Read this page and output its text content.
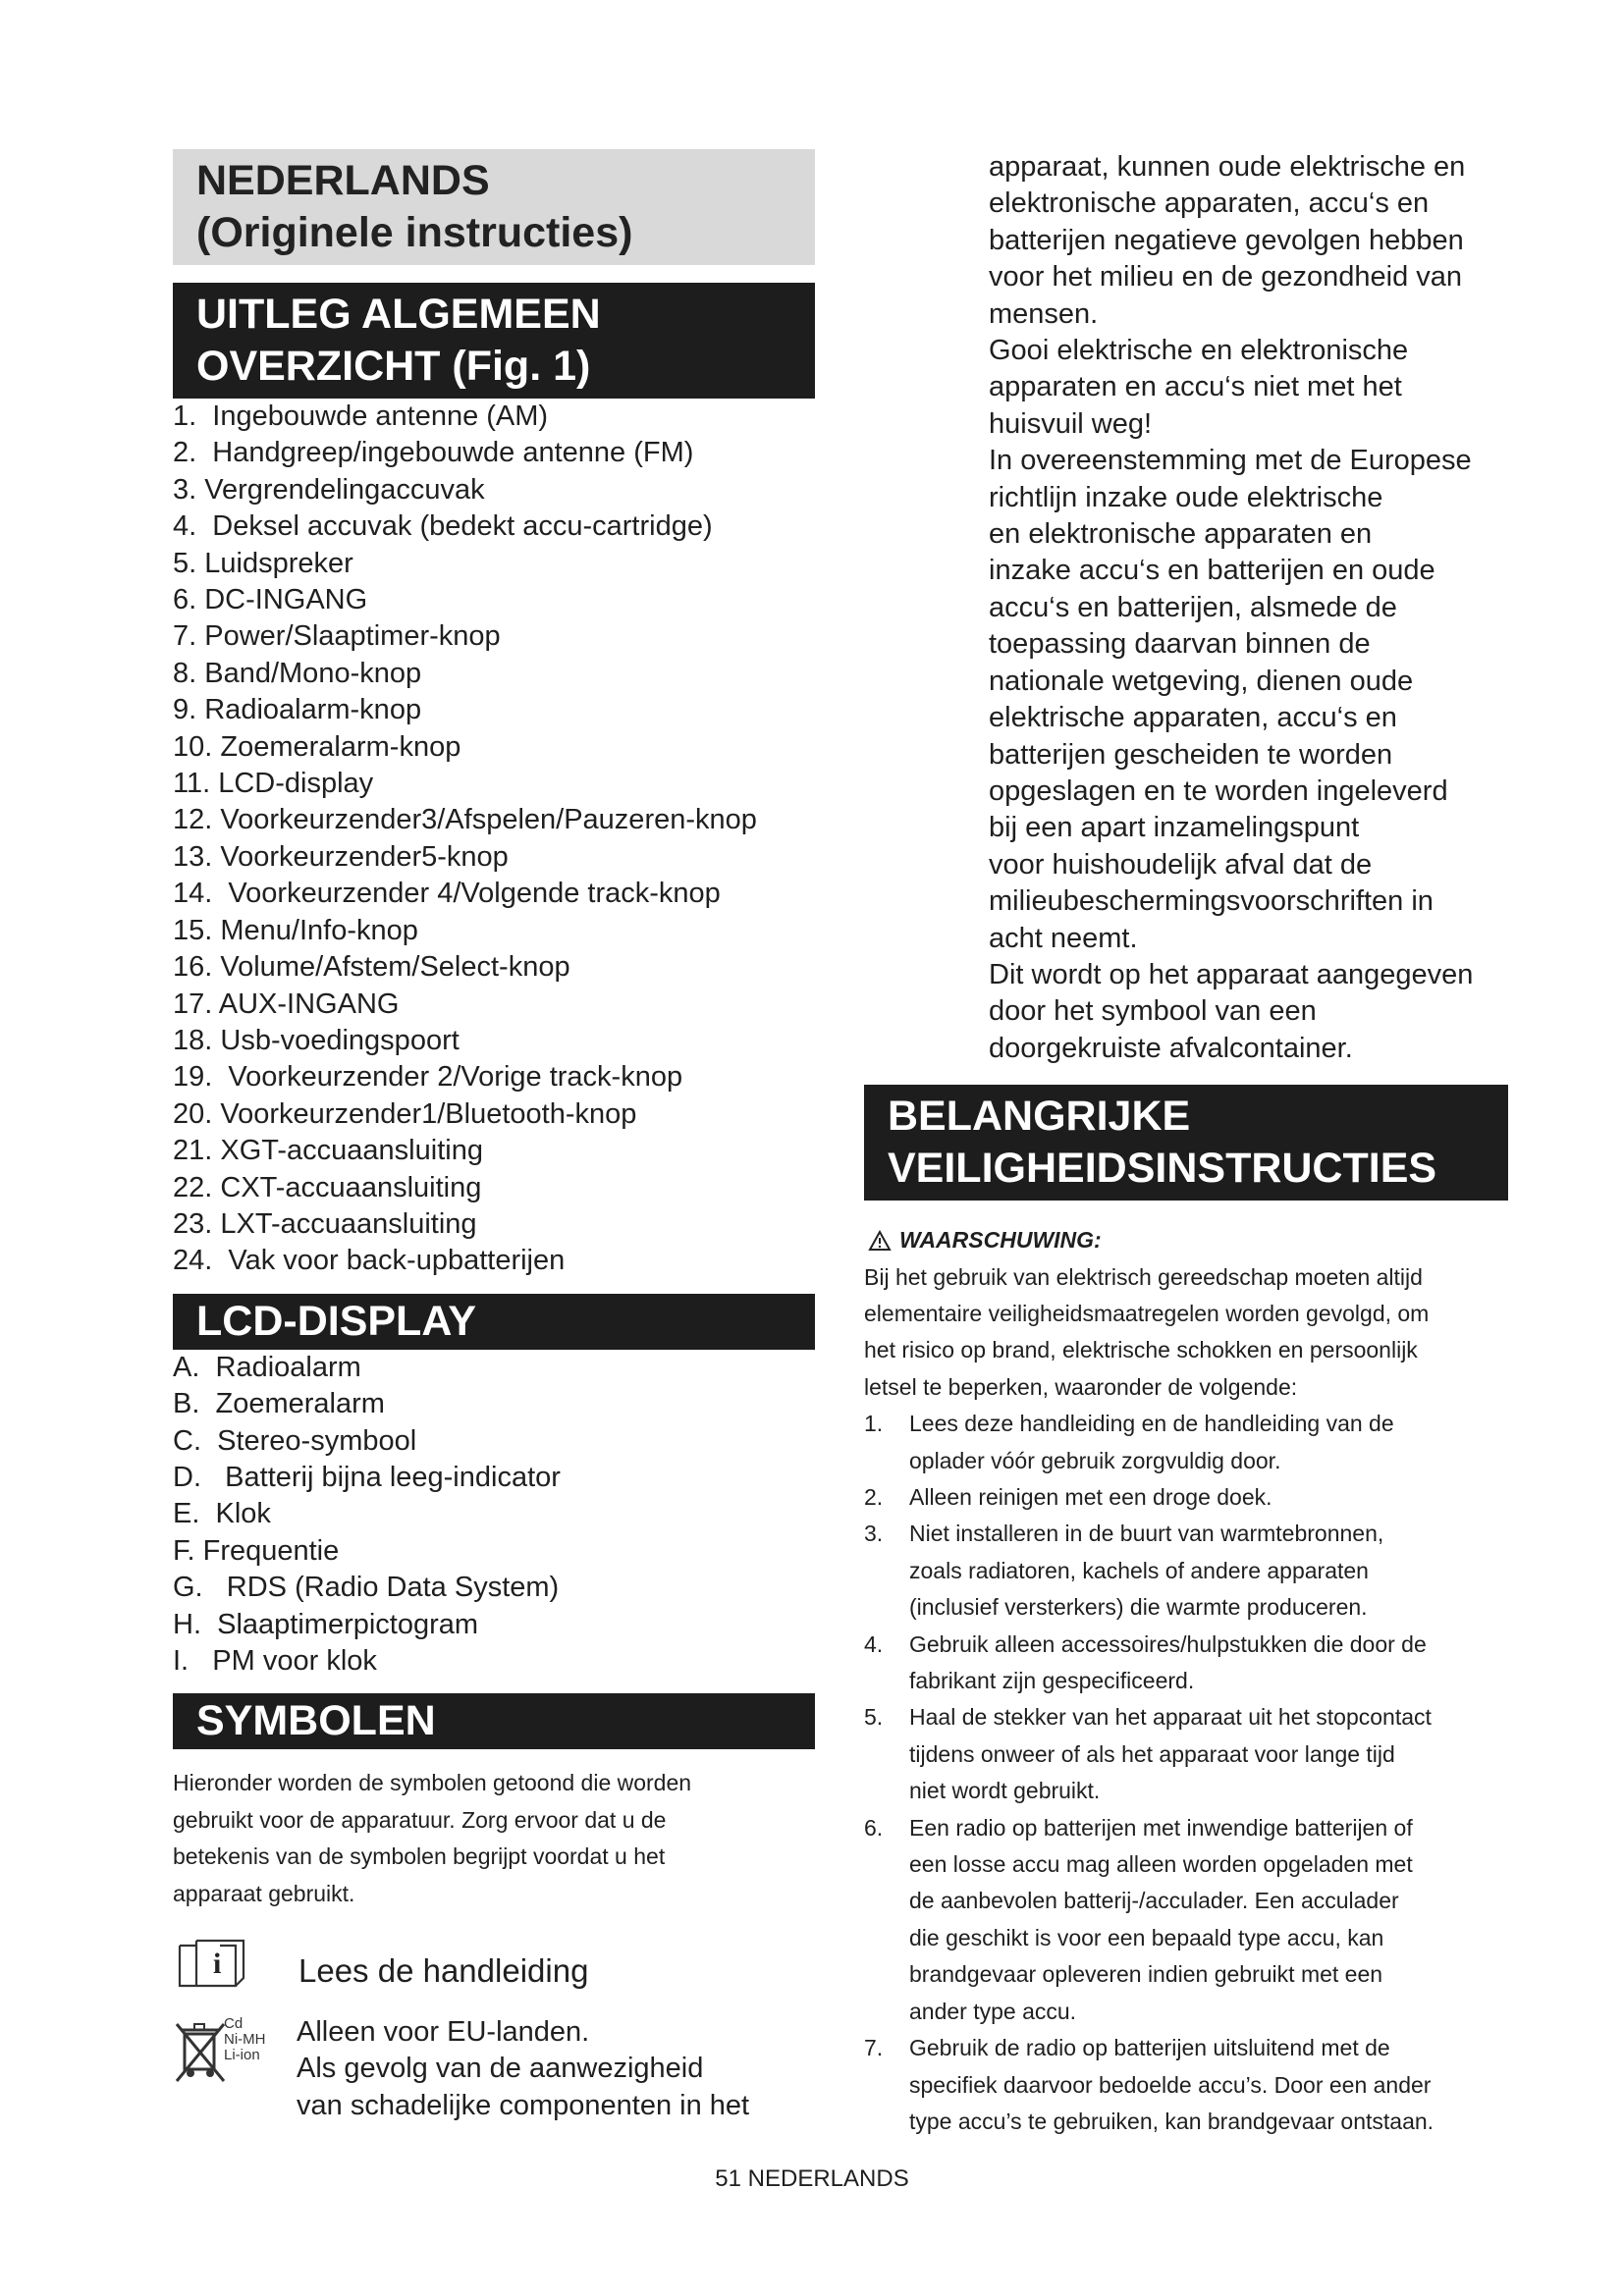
NEDERLANDS
(Originele instructies)
UITLEG ALGEMEEN
OVERZICHT (Fig. 1)
1.  Ingebouwde antenne (AM)
2.  Handgreep/ingebouwde antenne (FM)
3. Vergrendelingaccuvak
4.  Deksel accuvak (bedekt accu-cartridge)
5. Luidspreker
6. DC-INGANG
7. Power/Slaaptimer-knop
8. Band/Mono-knop
9. Radioalarm-knop
10. Zoemeralarm-knop
11. LCD-display
12. Voorkeurzender3/Afspelen/Pauzeren-knop
13. Voorkeurzender5-knop
14.  Voorkeurzender 4/Volgende track-knop
15. Menu/Info-knop
16. Volume/Afstem/Select-knop
17. AUX-INGANG
18. Usb-voedingspoort
19.  Voorkeurzender 2/Vorige track-knop
20. Voorkeurzender1/Bluetooth-knop
21. XGT-accuaansluiting
22. CXT-accuaansluiting
23. LXT-accuaansluiting
24.  Vak voor back-upbatterijen
LCD-DISPLAY
A.  Radioalarm
B.  Zoemeralarm
C.  Stereo-symbool
D.   Batterij bijna leeg-indicator
E.  Klok
F. Frequentie
G.   RDS (Radio Data System)
H.  Slaaptimerpictogram
I.   PM voor klok
SYMBOLEN
Hieronder worden de symbolen getoond die worden
gebruikt voor de apparatuur. Zorg ervoor dat u de
betekenis van de symbolen begrijpt voordat u het
apparaat gebruikt.
i Lees de handleiding
Cd
Ni-MH
Li-ion
Alleen voor EU-landen.
Als gevolg van de aanwezigheid
van schadelijke componenten in het
apparaat, kunnen oude elektrische en
elektronische apparaten, accu‘s en
batterijen negatieve gevolgen hebben
voor het milieu en de gezondheid van
mensen.
Gooi elektrische en elektronische
apparaten en accu‘s niet met het
huisvuil weg!
In overeenstemming met de Europese
richtlijn inzake oude elektrische
en elektronische apparaten en
inzake accu‘s en batterijen en oude
accu‘s en batterijen, alsmede de
toepassing daarvan binnen de
nationale wetgeving, dienen oude
elektrische apparaten, accu‘s en
batterijen gescheiden te worden
opgeslagen en te worden ingeleverd
bij een apart inzamelingspunt
voor huishoudelijk afval dat de
milieubeschermingsvoorschriften in
acht neemt.
Dit wordt op het apparaat aangegeven
door het symbool van een
doorgekruiste afvalcontainer.
BELANGRIJKE
VEILIGHEIDSINSTRUCTIES
WAARSCHUWING:
Bij het gebruik van elektrisch gereedschap moeten altijd
elementaire veiligheidsmaatregelen worden gevolgd, om
het risico op brand, elektrische schokken en persoonlijk
letsel te beperken, waaronder de volgende:
1.	Lees deze handleiding en de handleiding van de
oplader vóór gebruik zorgvuldig door.
2.	Alleen reinigen met een droge doek.
3.	Niet installeren in de buurt van warmtebronnen,
zoals radiatoren, kachels of andere apparaten
(inclusief versterkers) die warmte produceren.
4.	Gebruik alleen accessoires/hulpstukken die door de
fabrikant zijn gespecificeerd.
5.	Haal de stekker van het apparaat uit het stopcontact
tijdens onweer of als het apparaat voor lange tijd
niet wordt gebruikt.
6.	Een radio op batterijen met inwendige batterijen of
een losse accu mag alleen worden opgeladen met
de aanbevolen batterij-/acculader. Een acculader
die geschikt is voor een bepaald type accu, kan
brandgevaar opleveren indien gebruikt met een
ander type accu.
7.	Gebruik de radio op batterijen uitsluitend met de
specifiek daarvoor bedoelde accu’s. Door een ander
type accu’s te gebruiken, kan brandgevaar ontstaan.
51 NEDERLANDS
